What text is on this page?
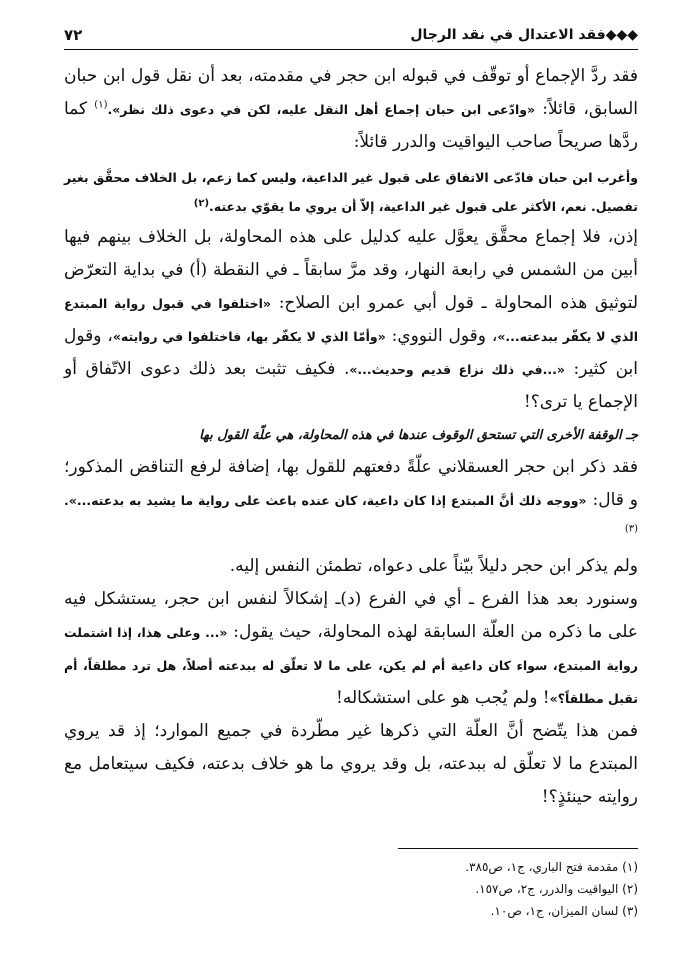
◆◆◆فقد الاعتدال في نقد الرجال
٧٢

فقد ردَّ الإجماع أو توقّف في قبوله ابن حجر في مقدمته، بعد أن نقل قول ابن حبان السابق، قائلاً: «وادّعى ابن حبان إجماع أهل النقل عليه، لكن في دعوى ذلك نظر».$^{(١)}$ كما ردَّها صريحاً صاحب اليواقيت والدرر قائلاً:

وأغرب ابن حبان فادّعى الاتفاق على قبول غير الداعية، وليس كما زعم، بل الخلاف محقَّق بغير تفصيل. نعم، الأكثر على قبول غير الداعية، إلاّ أن يروي ما يقوّي بدعته.$^{(٢)}$

إذن، فلا إجماع محقَّق يعوَّل عليه كدليل على هذه المحاولة، بل الخلاف بينهم فيها أبين من الشمس في رابعة النهار، وقد مرَّ سابقاً ـ في النقطة (أ) في بداية التعرّض لتوثيق هذه المحاولة ـ قول أبي عمرو ابن الصلاح: «اختلفوا في قبول رواية المبتدع الذي لا يكفّر ببدعته...»، وقول النووي: «وأمّا الذي لا يكفّر بها، فاختلفوا في روايته»، وقول ابن كثير: «...في ذلك نزاع قديم وحديث...». فكيف تثبت بعد ذلك دعوى الاتّفاق أو الإجماع يا ترى؟!

جـ الوقفة الأخرى التي تستحق الوقوف عندها في هذه المحاولة، هي علّة القول بها

فقد ذكر ابن حجر العسقلاني علّةً دفعتهم للقول بها، إضافة لرفع التناقض المذكور؛ و قال: «ووجه ذلك أنَّ المبتدع إذا كان داعية، كان عنده باعث على رواية ما يشيد به بدعته...».$^{(٣)}$

ولم يذكر ابن حجر دليلاً بيّناً على دعواه، تطمئن النفس إليه.

وسنورد بعد هذا الفرع ـ أي في الفرع (د)ـ إشكالاً لنفس ابن حجر، يستشكل فيه على ما ذكره من العلّة السابقة لهذه المحاولة، حيث يقول: «... وعلى هذا، إذا اشتملت رواية المبتدع، سواء كان داعية أم لم يكن، على ما لا تعلّق له ببدعته أصلاً، هل ترد مطلقاً، أم تقبل مطلقاً؟»! ولم يُجب هو على استشكاله!

فمن هذا يتّضح أنَّ العلّة التي ذكرها غير مطّردة في جميع الموارد؛ إذ قد يروي المبتدع ما لا تعلّق له ببدعته، بل وقد يروي ما هو خلاف بدعته، فكيف سيتعامل مع روايته حينئذٍ؟!

(١) مقدمة فتح الباري، ج١، ص٣٨٥.
(٢) اليواقيت والدرر، ج٢، ص١٥٧.
(٣) لسان الميزان، ج١، ص١٠.
